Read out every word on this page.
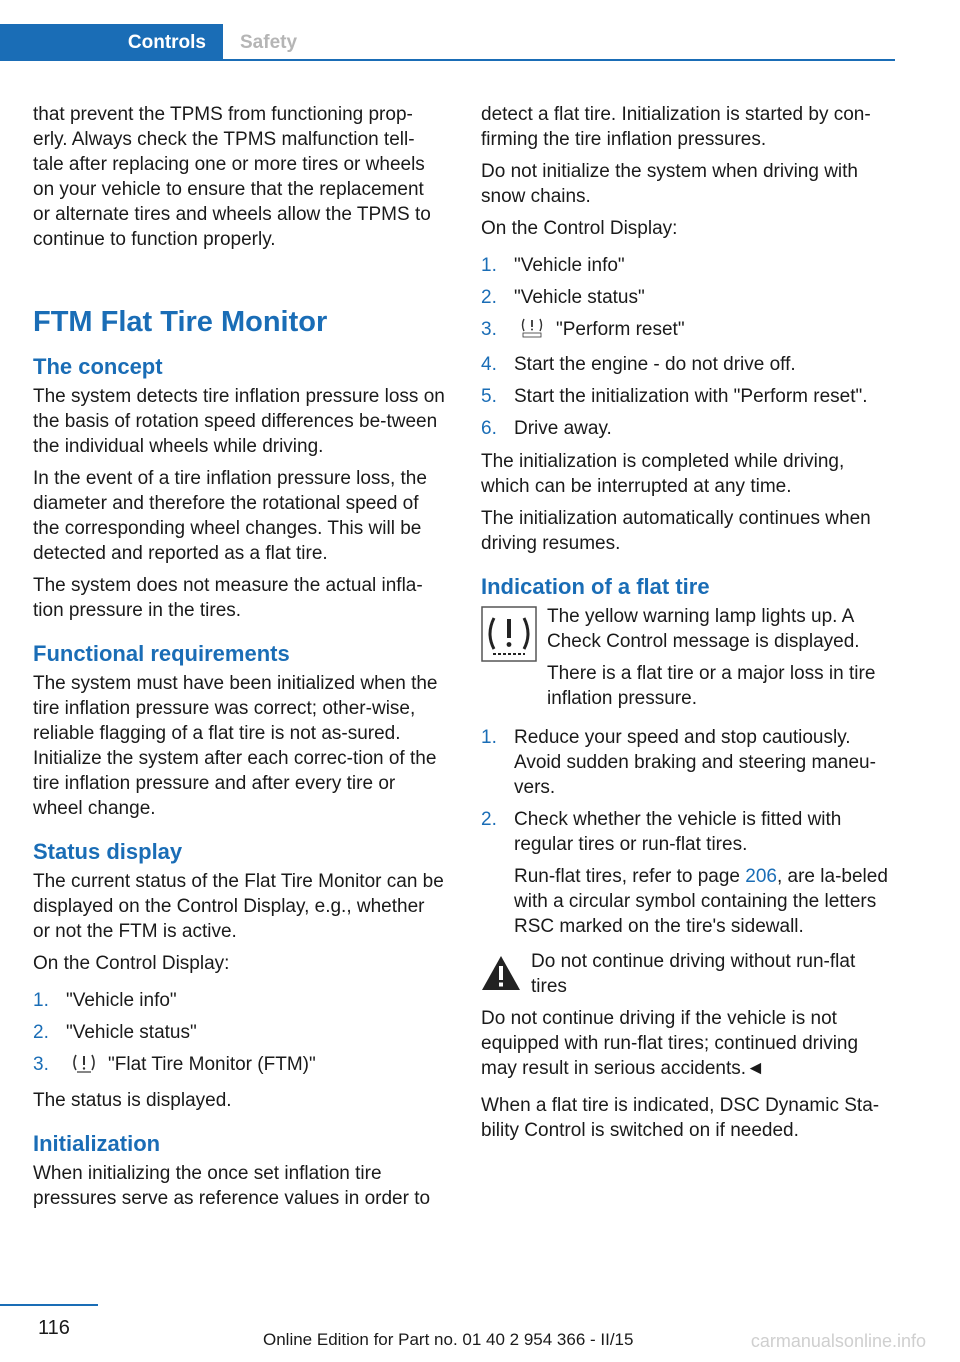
Controls	Safety

that prevent the TPMS from functioning prop-erly. Always check the TPMS malfunction tell-tale after replacing one or more tires or wheels on your vehicle to ensure that the replacement or alternate tires and wheels allow the TPMS to continue to function properly.

FTM Flat Tire Monitor
The concept

The system detects tire inflation pressure loss on the basis of rotation speed differences be-tween the individual wheels while driving.

In the event of a tire inflation pressure loss, the diameter and therefore the rotational speed of the corresponding wheel changes. This will be detected and reported as a flat tire.

The system does not measure the actual infla-tion pressure in the tires.

Functional requirements

The system must have been initialized when the tire inflation pressure was correct; other-wise, reliable flagging of a flat tire is not as-sured. Initialize the system after each correc-tion of the tire inflation pressure and after every tire or wheel change.

Status display

The current status of the Flat Tire Monitor can be displayed on the Control Display, e.g., whether or not the FTM is active.

On the Control Display:

1. "Vehicle info"
2. "Vehicle status"
3.	"Flat Tire Monitor (FTM)"

The status is displayed.

Initialization

When initializing the once set inflation tire pressures serve as reference values in order to

detect a flat tire. Initialization is started by con-firming the tire inflation pressures.

Do not initialize the system when driving with snow chains.

On the Control Display:

1. "Vehicle info"
2. "Vehicle status"
3.	"Perform reset"
4. Start the engine - do not drive off.
5. Start the initialization with "Perform reset".
6. Drive away.

The initialization is completed while driving, which can be interrupted at any time.

The initialization automatically continues when driving resumes.

Indication of a flat tire

The yellow warning lamp lights up. A Check Control message is displayed.

There is a flat tire or a major loss in tire inflation pressure.

1. Reduce your speed and stop cautiously. Avoid sudden braking and steering maneu-vers.
2. Check whether the vehicle is fitted with regular tires or run-flat tires.
Run-flat tires, refer to page 206, are la-beled with a circular symbol containing the letters RSC marked on the tire's sidewall.

Do not continue driving without run-flat tires

Do not continue driving if the vehicle is not equipped with run-flat tires; continued driving may result in serious accidents.◄

When a flat tire is indicated, DSC Dynamic Sta-bility Control is switched on if needed.

116
Online Edition for Part no. 01 40 2 954 366 - II/15	carmanualsonline.info
